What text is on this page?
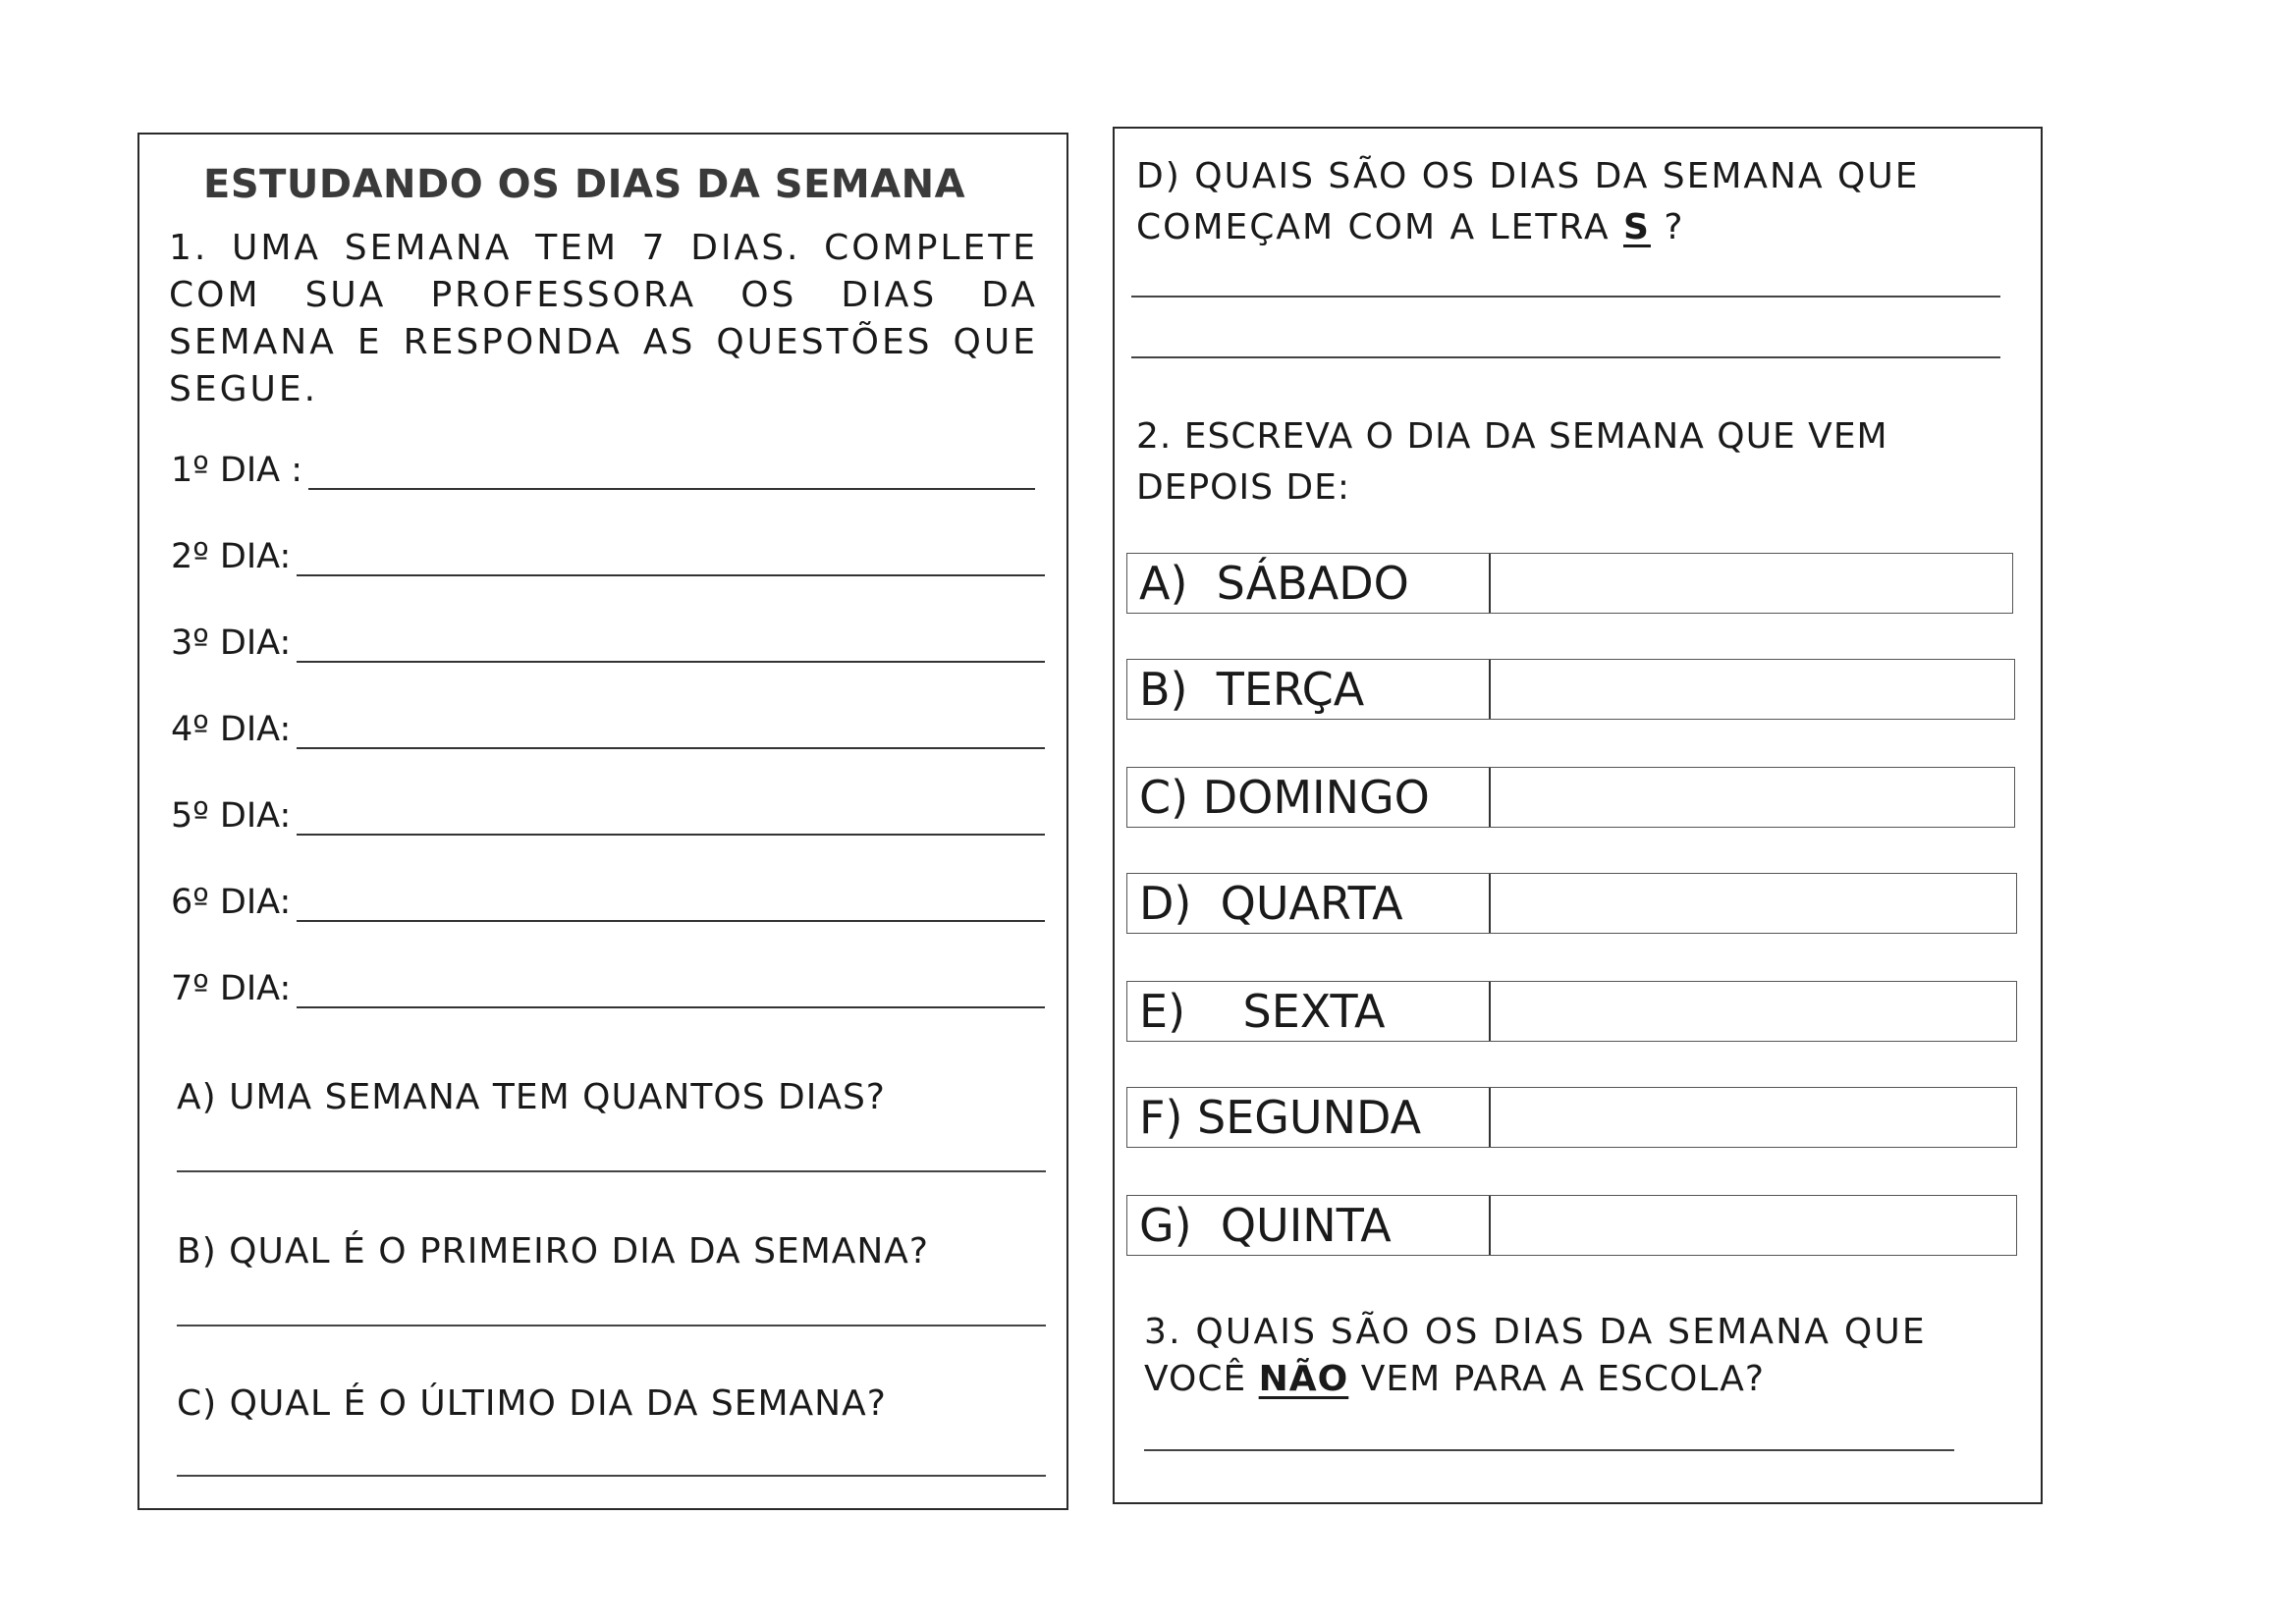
ESTUDANDO OS DIAS DA SEMANA
1. UMA SEMANA TEM 7 DIAS. COMPLETE
COM SUA PROFESSORA OS DIAS DA
SEMANA E RESPONDA AS QUESTÕES QUE
SEGUE.
1º DIA :
2º DIA:
3º DIA:
4º DIA:
5º DIA:
6º DIA:
7º DIA:
A) UMA SEMANA TEM QUANTOS DIAS?
B) QUAL É O PRIMEIRO DIA DA SEMANA?
C) QUAL É O ÚLTIMO DIA DA SEMANA?
D) QUAIS SÃO OS DIAS DA SEMANA QUE
COMEÇAM COM A LETRA S ?
2. ESCREVA O DIA DA SEMANA QUE VEM
DEPOIS DE:
A)  SÁBADO
B)  TERÇA
C) DOMINGO
D)  QUARTA
E)    SEXTA
F) SEGUNDA
G)  QUINTA
3. QUAIS SÃO OS DIAS DA SEMANA QUE
VOCÊ NÃO VEM PARA A ESCOLA?
